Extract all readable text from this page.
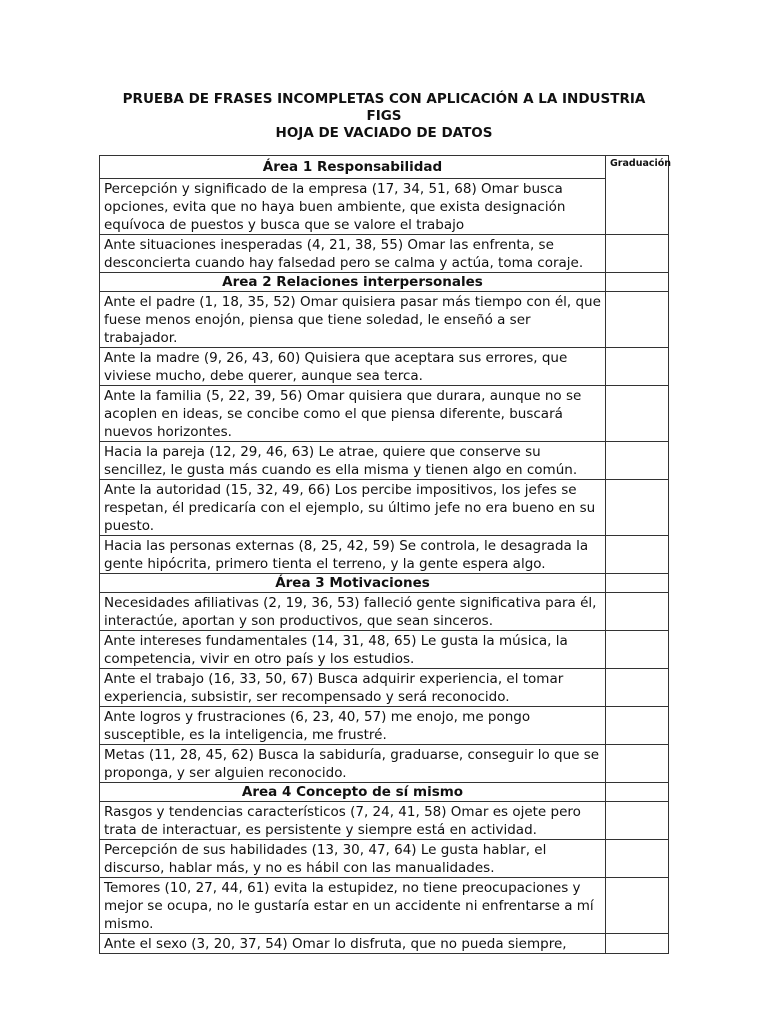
PRUEBA DE FRASES INCOMPLETAS CON APLICACIÓN A LA INDUSTRIA
FIGS
HOJA DE VACIADO DE DATOS
Área 1 Responsabilidad	Graduación
Percepción y significado de la empresa (17, 34, 51, 68) Omar busca opciones, evita que no haya buen ambiente, que exista designación equívoca de puestos y busca que se valore el trabajo	
Ante situaciones inesperadas (4, 21, 38, 55) Omar las enfrenta, se desconcierta cuando hay falsedad pero se calma y actúa, toma coraje.	
Area 2 Relaciones interpersonales	
Ante el padre (1, 18, 35, 52) Omar quisiera pasar más tiempo con él, que fuese menos enojón, piensa que tiene soledad, le enseñó a ser trabajador.	
Ante la madre (9, 26, 43, 60) Quisiera que aceptara sus errores, que viviese mucho, debe querer, aunque sea terca.	
Ante la familia (5, 22, 39, 56) Omar quisiera que durara, aunque no se acoplen en ideas, se concibe como el que piensa diferente, buscará nuevos horizontes.	
Hacia la pareja (12, 29, 46, 63) Le atrae, quiere que conserve su sencillez, le gusta más cuando es ella misma y tienen algo en común.	
Ante la autoridad (15, 32, 49, 66) Los percibe impositivos, los jefes se respetan, él predicaría con el ejemplo, su último jefe no era bueno en su puesto.	
Hacia las personas externas (8, 25, 42, 59) Se controla, le desagrada la gente hipócrita, primero tienta el terreno, y la gente espera algo.	
Área 3 Motivaciones	
Necesidades afiliativas (2, 19, 36, 53) falleció gente significativa para él, interactúe, aportan y son productivos, que sean sinceros.	
Ante intereses fundamentales (14, 31, 48, 65) Le gusta la música, la competencia, vivir en otro país y los estudios.	
Ante el trabajo (16, 33, 50, 67) Busca adquirir experiencia, el tomar experiencia, subsistir, ser recompensado y será reconocido.	
Ante logros y frustraciones (6, 23, 40, 57) me enojo, me pongo susceptible, es la inteligencia, me frustré.	
Metas (11, 28, 45, 62) Busca la sabiduría, graduarse, conseguir lo que se proponga, y ser alguien reconocido.	
Area 4 Concepto de sí mismo	
Rasgos y tendencias característicos (7, 24, 41, 58) Omar es ojete pero trata de interactuar, es persistente y siempre está en actividad.	
Percepción de sus habilidades (13, 30, 47, 64) Le gusta hablar, el discurso, hablar más, y no es hábil con las manualidades.	
Temores (10, 27, 44, 61) evita la estupidez, no tiene preocupaciones y mejor se ocupa, no le gustaría estar en un accidente ni enfrentarse a mí mismo.	
Ante el sexo (3, 20, 37, 54) Omar lo disfruta, que no pueda siempre,	
